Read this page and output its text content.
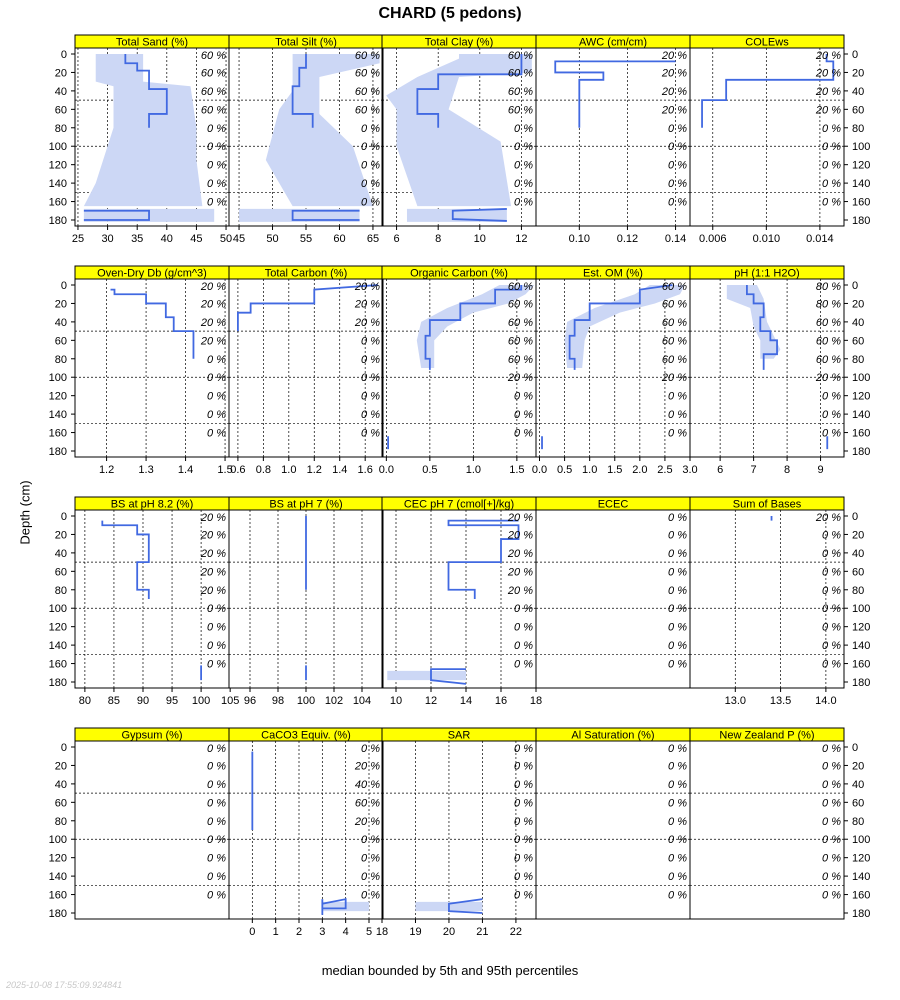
CHARD (5 pedons)
Total Sand (%)
60 %
60 %
60 %
60 %
0 %
0 %
0 %
0 %
0 %
25 30 35 40 45 50
Total Silt (%)
60 %
60 %
60 %
60 %
0 %
0 %
0 %
0 %
0 %
45 50 55 60 65
Total Clay (%)
60 %
60 %
60 %
60 %
0 %
0 %
0 %
0 %
0 %
6	8	10	12
AWC (cm/cm)
20 %
20 %
20 %
20 %
0 %
0 %
0 %
0 %
0 %
0.10 0.12 0.14
COLEws
20 %
20 %
20 %
20 %
0 %
0 %
0 %
0 %
0 %
0.006 0.010 0.014
0	0
20	20
40	40
60	60
80	80
100	100
120	120
140	140
160	160
180	180
Oven-Dry Db (g/cm^3)
20 %
20 %
20 %
20 %
0 %
0 %
0 %
0 %
0 %
1.2 1.3 1.4 1.5
Total Carbon (%)
20 %
20 %
20 %
0 %
0 %
0 %
0 %
0 %
0 %
0.6 0.8 1.0 1.2 1.4 1.6
Organic Carbon (%)
60 %
60 %
60 %
60 %
60 %
20 %
0 %
0 %
0 %
0.0	0.5	1.0	1.5
Est. OM (%)
60 %
60 %
60 %
60 %
60 %
20 %
0 %
0 %
0 %
0.0 0.5 1.0 1.5 2.0 2.5 3.0
pH (1:1 H2O)
80 %
80 %
60 %
60 %
60 %
20 %
0 %
0 %
0 %
6 7 8 9
0	0
20	20
40	40
60	60
80	80
100	100
120	120
140	140
160	160
180	180
BS at pH 8.2 (%)
20 %
20 %
20 %
20 %
20 %
0 %
0 %
0 %
0 %
80 85 90 95 100 105
BS at pH 7 (%)
96 98 100 102 104
CEC pH 7 (cmol[+]/kg)
20 %
20 %
20 %
20 %
20 %
0 %
0 %
0 %
0 %
10 12 14 16 18
ECEC
0 %
0 %
0 %
0 %
0 %
0 %
0 %
0 %
0 %
Sum of Bases
20 %
0 %
0 %
0 %
0 %
0 %
0 %
0 %
0 %
13.0 13.5 14.0
0	0
20	20
40	40
60	60
80	80
100	100
120	120
140	140
160	160
180	180
Gypsum (%)
0 %
0 %
0 %
0 %
0 %
0 %
0 %
0 %
0 %
CaCO3 Equiv. (%)
0 %
20 %
40 %
60 %
20 %
0 %
0 %
0 %
0 %
0 1 2 3 4 5
SAR
0 %
0 %
0 %
0 %
0 %
0 %
0 %
0 %
0 %
18 19 20 21 22
Al Saturation (%)
0 %
0 %
0 %
0 %
0 %
0 %
0 %
0 %
0 %
New Zealand P (%)
0 %
0 %
0 %
0 %
0 %
0 %
0 %
0 %
0 %
0	0
20	20
40	40
60	60
80	80
100	100
120	120
140	140
160	160
180	180
Depth (cm)
median bounded by 5th and 95th percentiles
2025-10-08 17:55:09.924841
